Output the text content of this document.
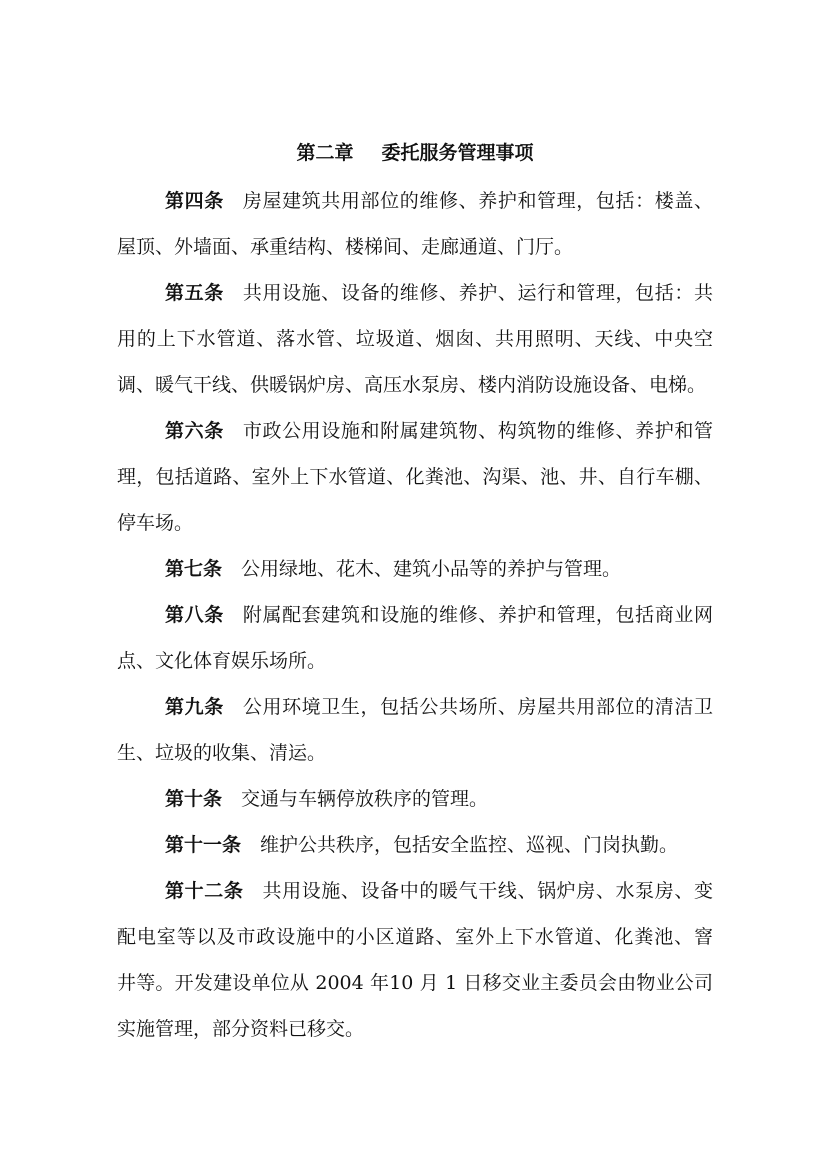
第二章 委托服务管理事项
第四条 房屋建筑共用部位的维修、养护和管理，包括：楼盖、
屋顶、外墙面、承重结构、楼梯间、走廊通道、门厅。
第五条 共用设施、设备的维修、养护、运行和管理，包括：共
用的上下水管道、落水管、垃圾道、烟囱、共用照明、天线、中央空
调、暖气干线、供暖锅炉房、高压水泵房、楼内消防设施设备、电梯。
第六条 市政公用设施和附属建筑物、构筑物的维修、养护和管
理，包括道路、室外上下水管道、化粪池、沟渠、池、井、自行车棚、
停车场。
第七条 公用绿地、花木、建筑小品等的养护与管理。
第八条 附属配套建筑和设施的维修、养护和管理，包括商业网
点、文化体育娱乐场所。
第九条 公用环境卫生，包括公共场所、房屋共用部位的清洁卫
生、垃圾的收集、清运。
第十条 交通与车辆停放秩序的管理。
第十一条 维护公共秩序，包括安全监控、巡视、门岗执勤。
第十二条 共用设施、设备中的暖气干线、锅炉房、水泵房、变
配电室等以及市政设施中的小区道路、室外上下水管道、化粪池、窨
井等。开发建设单位从 2004 年10 月 1 日移交业主委员会由物业公司
实施管理，部分资料已移交。
